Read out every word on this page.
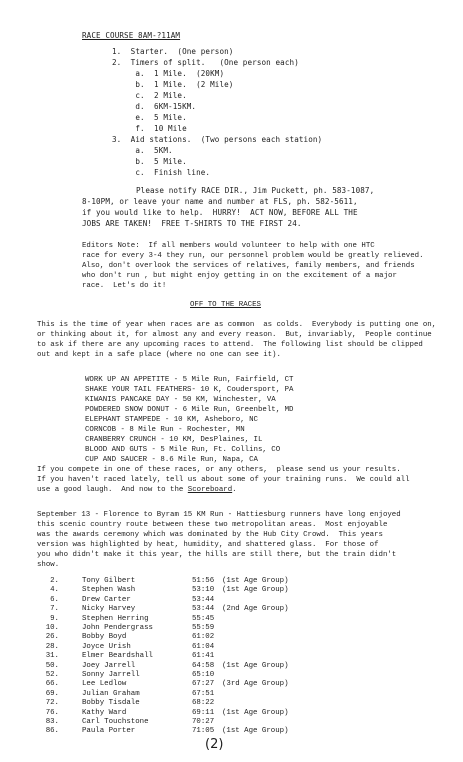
RACE COURSE 8AM-?11AM
1.  Starter.  (One person)
2.  Timers of split.   (One person each)
a.  1 Mile.  (20KM)
b.  1 Mile.  (2 Mile)
c.  2 Mile.
d.  6KM-15KM.
e.  5 Mile.
f.  10 Mile
3.  Aid stations.  (Two persons each station)
a.  5KM.
b.  5 Mile.
c.  Finish line.
Please notify RACE DIR., Jim Puckett, ph. 583-1087,
8-10PM, or leave your name and number at FLS, ph. 582-5611,
if you would like to help.  HURRY!  ACT NOW, BEFORE ALL THE
JOBS ARE TAKEN!  FREE T-SHIRTS TO THE FIRST 24.
Editors Note:  If all members would volunteer to help with one HTC
race for every 3-4 they run, our personnel problem would be greatly relieved.
Also, don't overlook the services of relatives, family members, and friends
who don't run , but might enjoy getting in on the excitement of a major
race.  Let's do it!
OFF TO THE RACES
This is the time of year when races are as common  as colds.  Everybody is putting one on,
or thinking about it, for almost any and every reason.  But, invariably,  People continue
to ask if there are any upcoming races to attend.  The following list should be clipped
out and kept in a safe place (where no one can see it).
WORK UP AN APPETITE - 5 Mile Run, Fairfield, CT
SHAKE YOUR TAIL FEATHERS- 10 K, Coudersport, PA
KIWANIS PANCAKE DAY - 50 KM, Winchester, VA
POWDERED SNOW DONUT - 6 Mile Run, Greenbelt, MD
ELEPHANT STAMPEDE - 10 KM, Asheboro, NC
CORNCOB - 8 Mile Run - Rochester, MN
CRANBERRY CRUNCH - 10 KM, DesPlaines, IL
BLOOD AND GUTS - 5 Mile Run, Ft. Collins, CO
CUP AND SAUCER - 8.6 Mile Run, Napa, CA
If you compete in one of these races, or any others,  please send us your results.
If you haven't raced lately, tell us about some of your training runs.  We could all
use a good laugh.  And now to the Scoreboard.
September 13 - Florence to Byram 15 KM Run - Hattiesburg runners have long enjoyed
this scenic country route between these two metropolitan areas.  Most enjoyable
was the awards ceremony which was dominated by the Hub City Crowd.  This years
version was highlighted by heat, humidity, and shattered glass.  For those of
you who didn't make it this year, the hills are still there, but the train didn't
show.
2.	Tony Gilbert	51:56 (1st Age Group)
4.	Stephen Wash	53:10 (1st Age Group)
6.	Drew Carter	53:44
7.	Nicky Harvey	53:44 (2nd Age Group)
9.	Stephen Herring	55:45
10.	John Pendergrass	55:59
26.	Bobby Boyd	61:02
28.	Joyce Urish	61:04
31.	Elmer Beardshall	61:41
50.	Joey Jarrell	64:58 (1st Age Group)
52.	Sonny Jarrell	65:10
66.	Lee Ledlow	67:27 (3rd Age Group)
69.	Julian Graham	67:51
72.	Bobby Tisdale	68:22
76.	Kathy Ward	69:11 (1st Age Group)
83.	Carl Touchstone	70:27
86.	Paula Porter	71:05 (1st Age Group)
(2)
